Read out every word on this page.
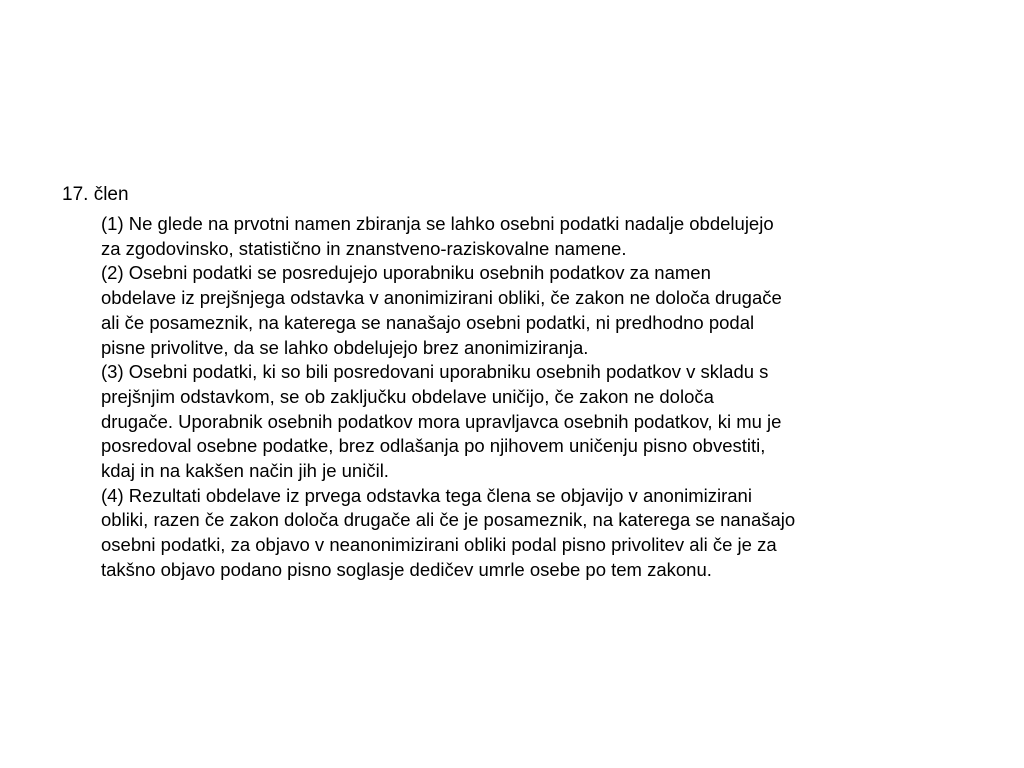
17. člen
(1) Ne glede na prvotni namen zbiranja se lahko osebni podatki nadalje obdelujejo
za zgodovinsko, statistično in znanstveno-raziskovalne namene.
(2) Osebni podatki se posredujejo uporabniku osebnih podatkov za namen
obdelave iz prejšnjega odstavka v anonimizirani obliki, če zakon ne določa drugače
ali če posameznik, na katerega se nanašajo osebni podatki, ni predhodno podal
pisne privolitve, da se lahko obdelujejo brez anonimiziranja.
(3) Osebni podatki, ki so bili posredovani uporabniku osebnih podatkov v skladu s
prejšnjim odstavkom, se ob zaključku obdelave uničijo, če zakon ne določa
drugače. Uporabnik osebnih podatkov mora upravljavca osebnih podatkov, ki mu je
posredoval osebne podatke, brez odlašanja po njihovem uničenju pisno obvestiti,
kdaj in na kakšen način jih je uničil.
(4) Rezultati obdelave iz prvega odstavka tega člena se objavijo v anonimizirani
obliki, razen če zakon določa drugače ali če je posameznik, na katerega se nanašajo
osebni podatki, za objavo v neanonimizirani obliki podal pisno privolitev ali če je za
takšno objavo podano pisno soglasje dedičev umrle osebe po tem zakonu.
